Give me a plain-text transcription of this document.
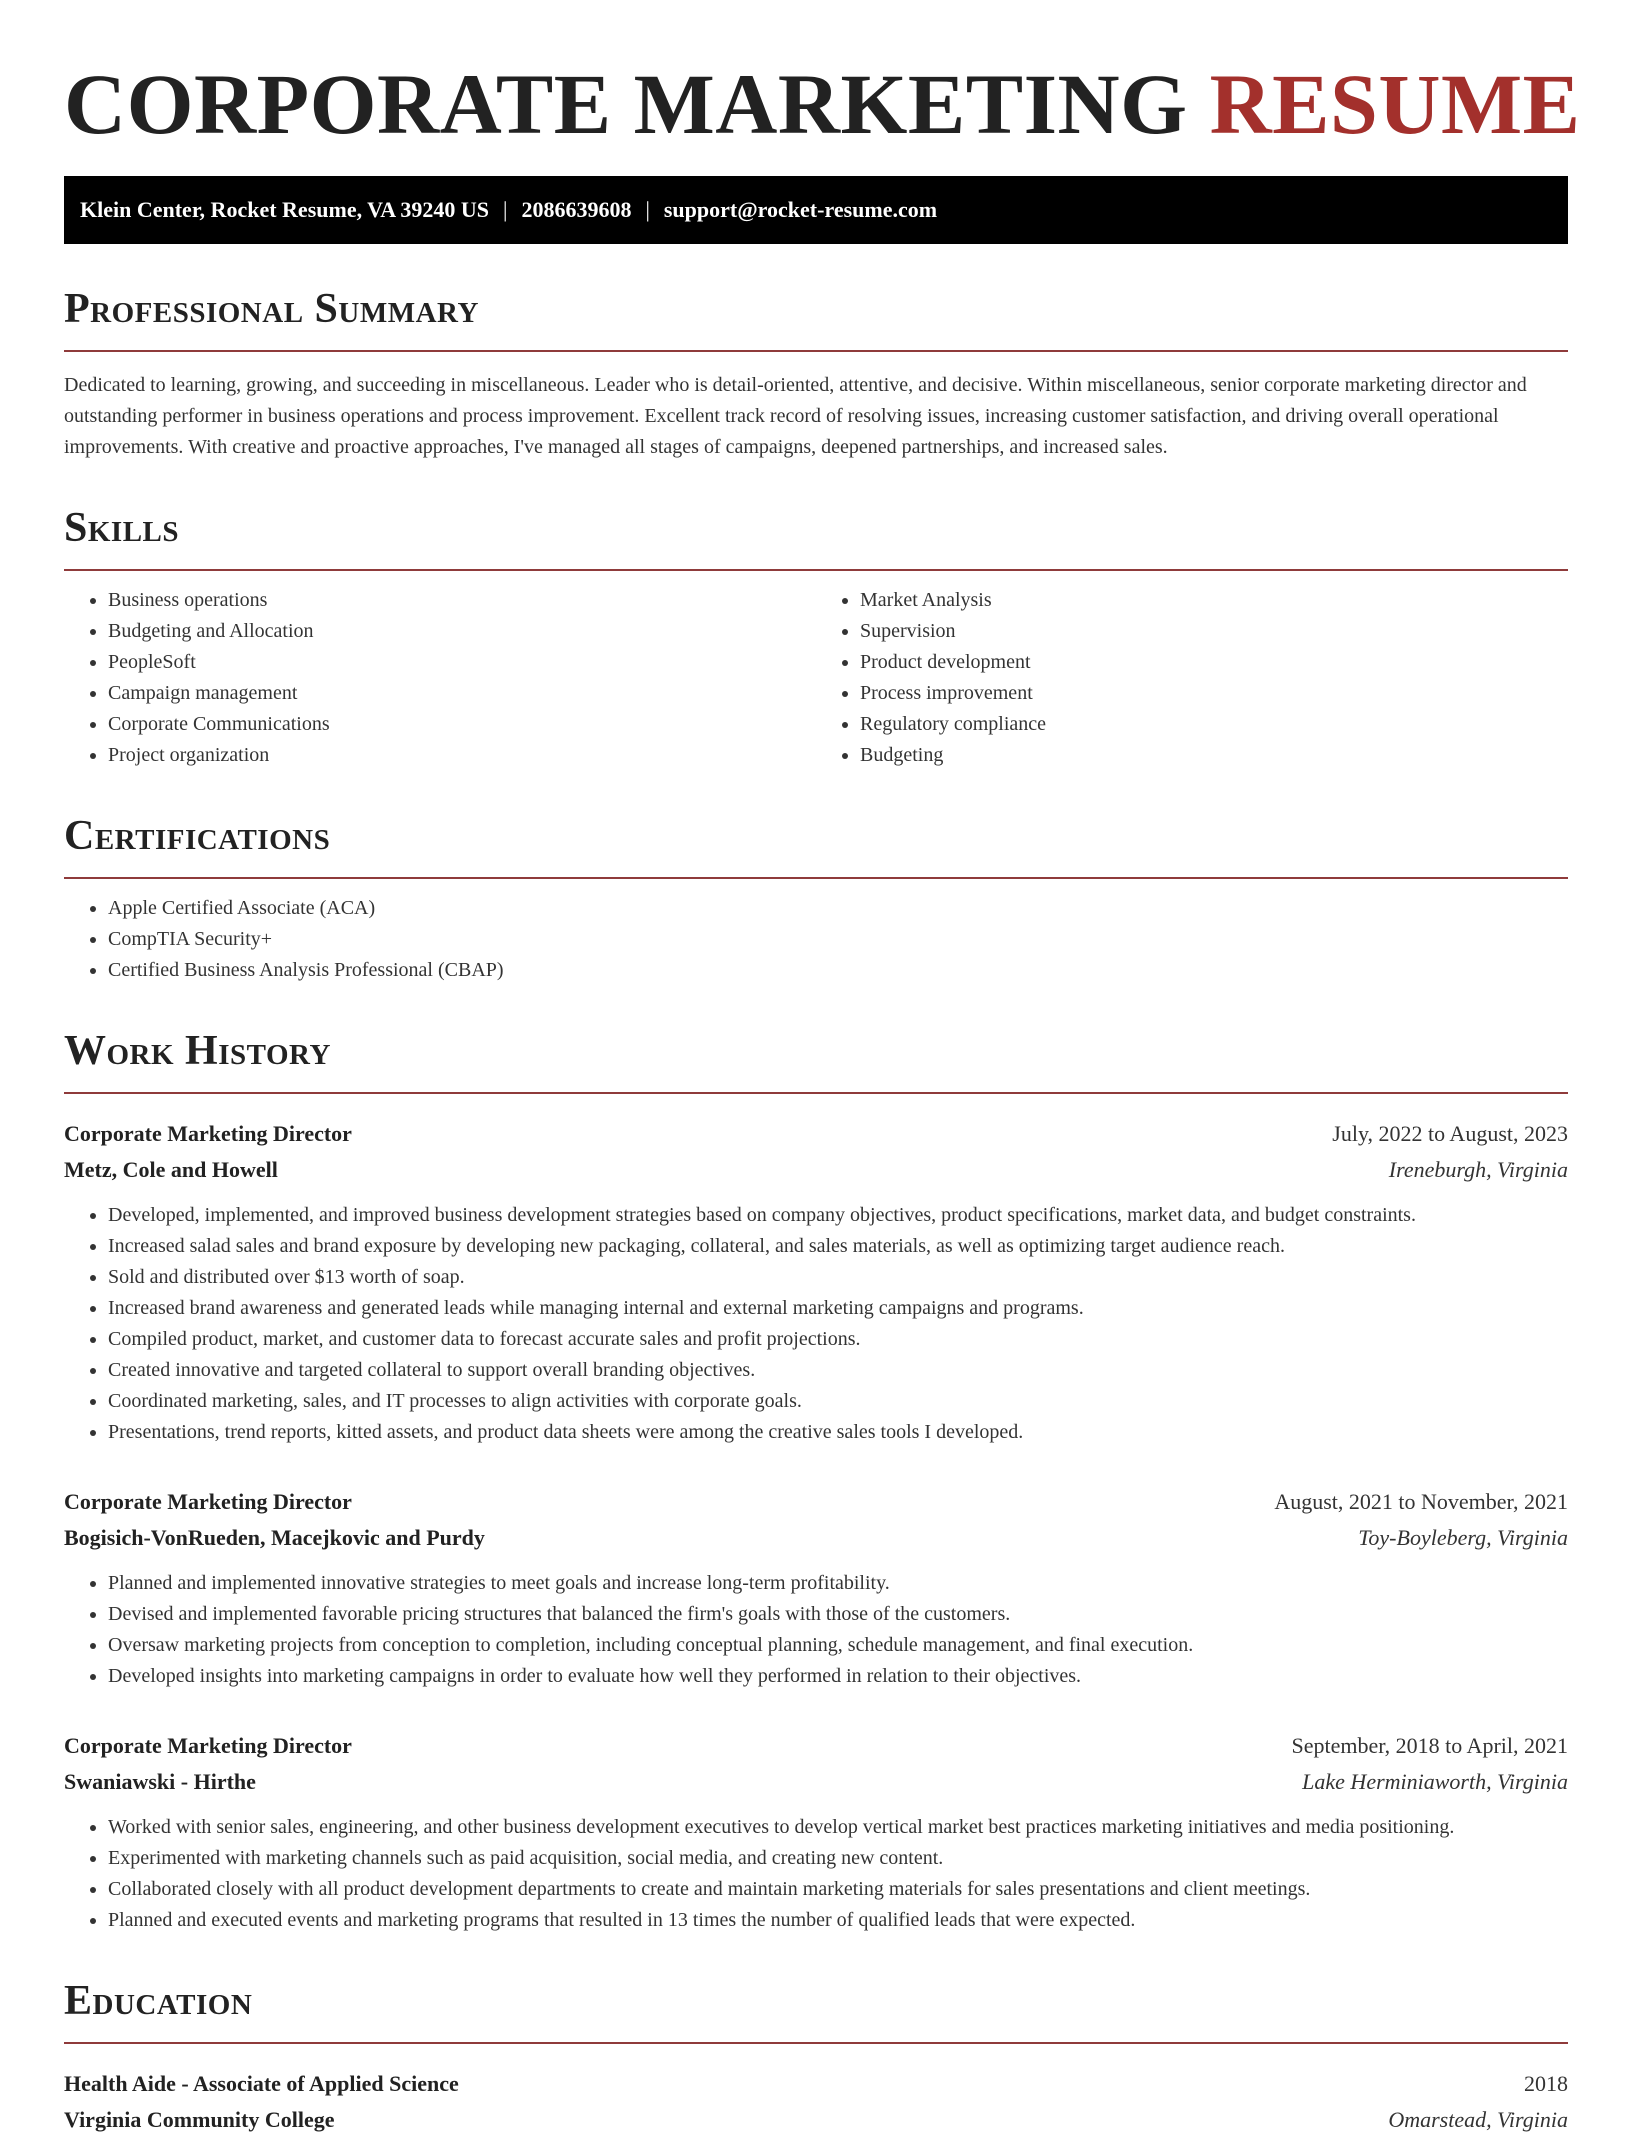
CORPORATE MARKETING RESUME
Klein Center, Rocket Resume, VA 39240 US | 2086639608 | support@rocket-resume.com
Professional Summary

Dedicated to learning, growing, and succeeding in miscellaneous. Leader who is detail-oriented, attentive, and decisive. Within miscellaneous, senior corporate marketing director and outstanding performer in business operations and process improvement. Excellent track record of resolving issues, increasing customer satisfaction, and driving overall operational improvements. With creative and proactive approaches, I've managed all stages of campaigns, deepened partnerships, and increased sales.

Skills
• Business operations
• Budgeting and Allocation
• PeopleSoft
• Campaign management
• Corporate Communications
• Project organization
• Market Analysis
• Supervision
• Product development
• Process improvement
• Regulatory compliance
• Budgeting
Certifications
• Apple Certified Associate (ACA)
• CompTIA Security+
• Certified Business Analysis Professional (CBAP)
Work History
Corporate Marketing Director	July, 2022 to August, 2023
Metz, Cole and Howell	Ireneburgh, Virginia
• Developed, implemented, and improved business development strategies based on company objectives, product specifications, market data, and budget constraints.
• Increased salad sales and brand exposure by developing new packaging, collateral, and sales materials, as well as optimizing target audience reach.
• Sold and distributed over $13 worth of soap.
• Increased brand awareness and generated leads while managing internal and external marketing campaigns and programs.
• Compiled product, market, and customer data to forecast accurate sales and profit projections.
• Created innovative and targeted collateral to support overall branding objectives.
• Coordinated marketing, sales, and IT processes to align activities with corporate goals.
• Presentations, trend reports, kitted assets, and product data sheets were among the creative sales tools I developed.
Corporate Marketing Director	August, 2021 to November, 2021
Bogisich-VonRueden, Macejkovic and Purdy	Toy-Boyleberg, Virginia
• Planned and implemented innovative strategies to meet goals and increase long-term profitability.
• Devised and implemented favorable pricing structures that balanced the firm's goals with those of the customers.
• Oversaw marketing projects from conception to completion, including conceptual planning, schedule management, and final execution.
• Developed insights into marketing campaigns in order to evaluate how well they performed in relation to their objectives.
Corporate Marketing Director	September, 2018 to April, 2021
Swaniawski - Hirthe	Lake Herminiaworth, Virginia
• Worked with senior sales, engineering, and other business development executives to develop vertical market best practices marketing initiatives and media positioning.
• Experimented with marketing channels such as paid acquisition, social media, and creating new content.
• Collaborated closely with all product development departments to create and maintain marketing materials for sales presentations and client meetings.
• Planned and executed events and marketing programs that resulted in 13 times the number of qualified leads that were expected.
Education
Health Aide - Associate of Applied Science	2018
Virginia Community College	Omarstead, Virginia
